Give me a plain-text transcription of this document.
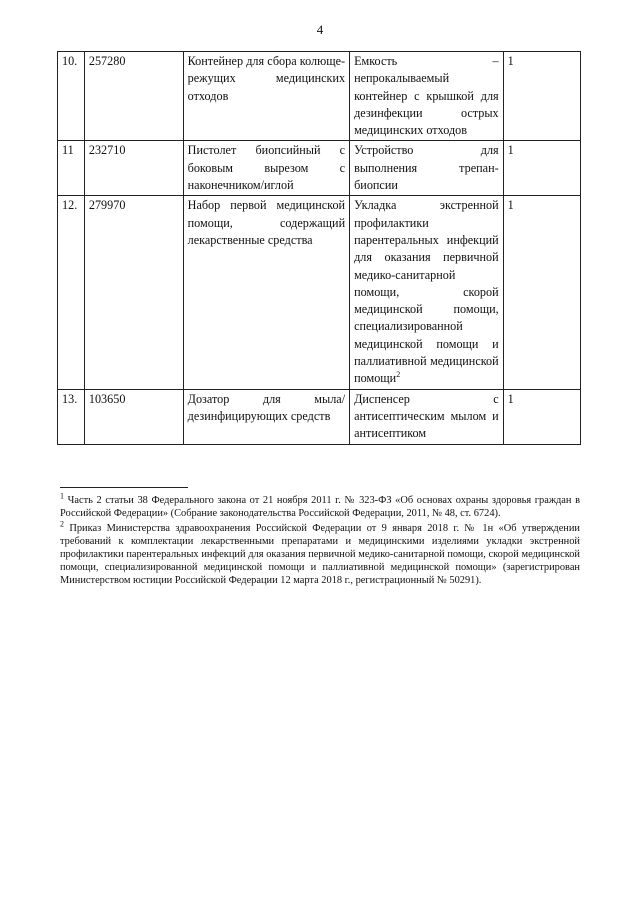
4
10.	257280	Контейнер для сбора колюще-режущих медицинских отходов	Емкость – непрокалываемый контейнер с крышкой для дезинфекции острых медицинских отходов	1
11	232710	Пистолет биопсийный с боковым вырезом с наконечником/иглой	Устройство для выполнения трепан-биопсии	1
12.	279970	Набор первой медицинской помощи, содержащий лекарственные средства	Укладка экстренной профилактики парентеральных инфекций для оказания первичной медико-санитарной помощи, скорой медицинской помощи, специализированной медицинской помощи и паллиативной медицинской помощи$^2$	1
13.	103650	Дозатор для мыла/ дезинфицирующих средств	Диспенсер с антисептическим мылом и антисептиком	1

$^1$ Часть 2 статьи 38 Федерального закона от 21 ноября 2011 г. № 323-ФЗ «Об основах охраны здоровья граждан в Российской Федерации» (Собрание законодательства Российской Федерации, 2011, № 48, ст. 6724).

$^2$ Приказ Министерства здравоохранения Российской Федерации от 9 января 2018 г. № 1н «Об утверждении требований к комплектации лекарственными препаратами и медицинскими изделиями укладки экстренной профилактики парентеральных инфекций для оказания первичной медико-санитарной помощи, скорой медицинской помощи, специализированной медицинской помощи и паллиативной медицинской помощи» (зарегистрирован Министерством юстиции Российской Федерации 12 марта 2018 г., регистрационный № 50291).
